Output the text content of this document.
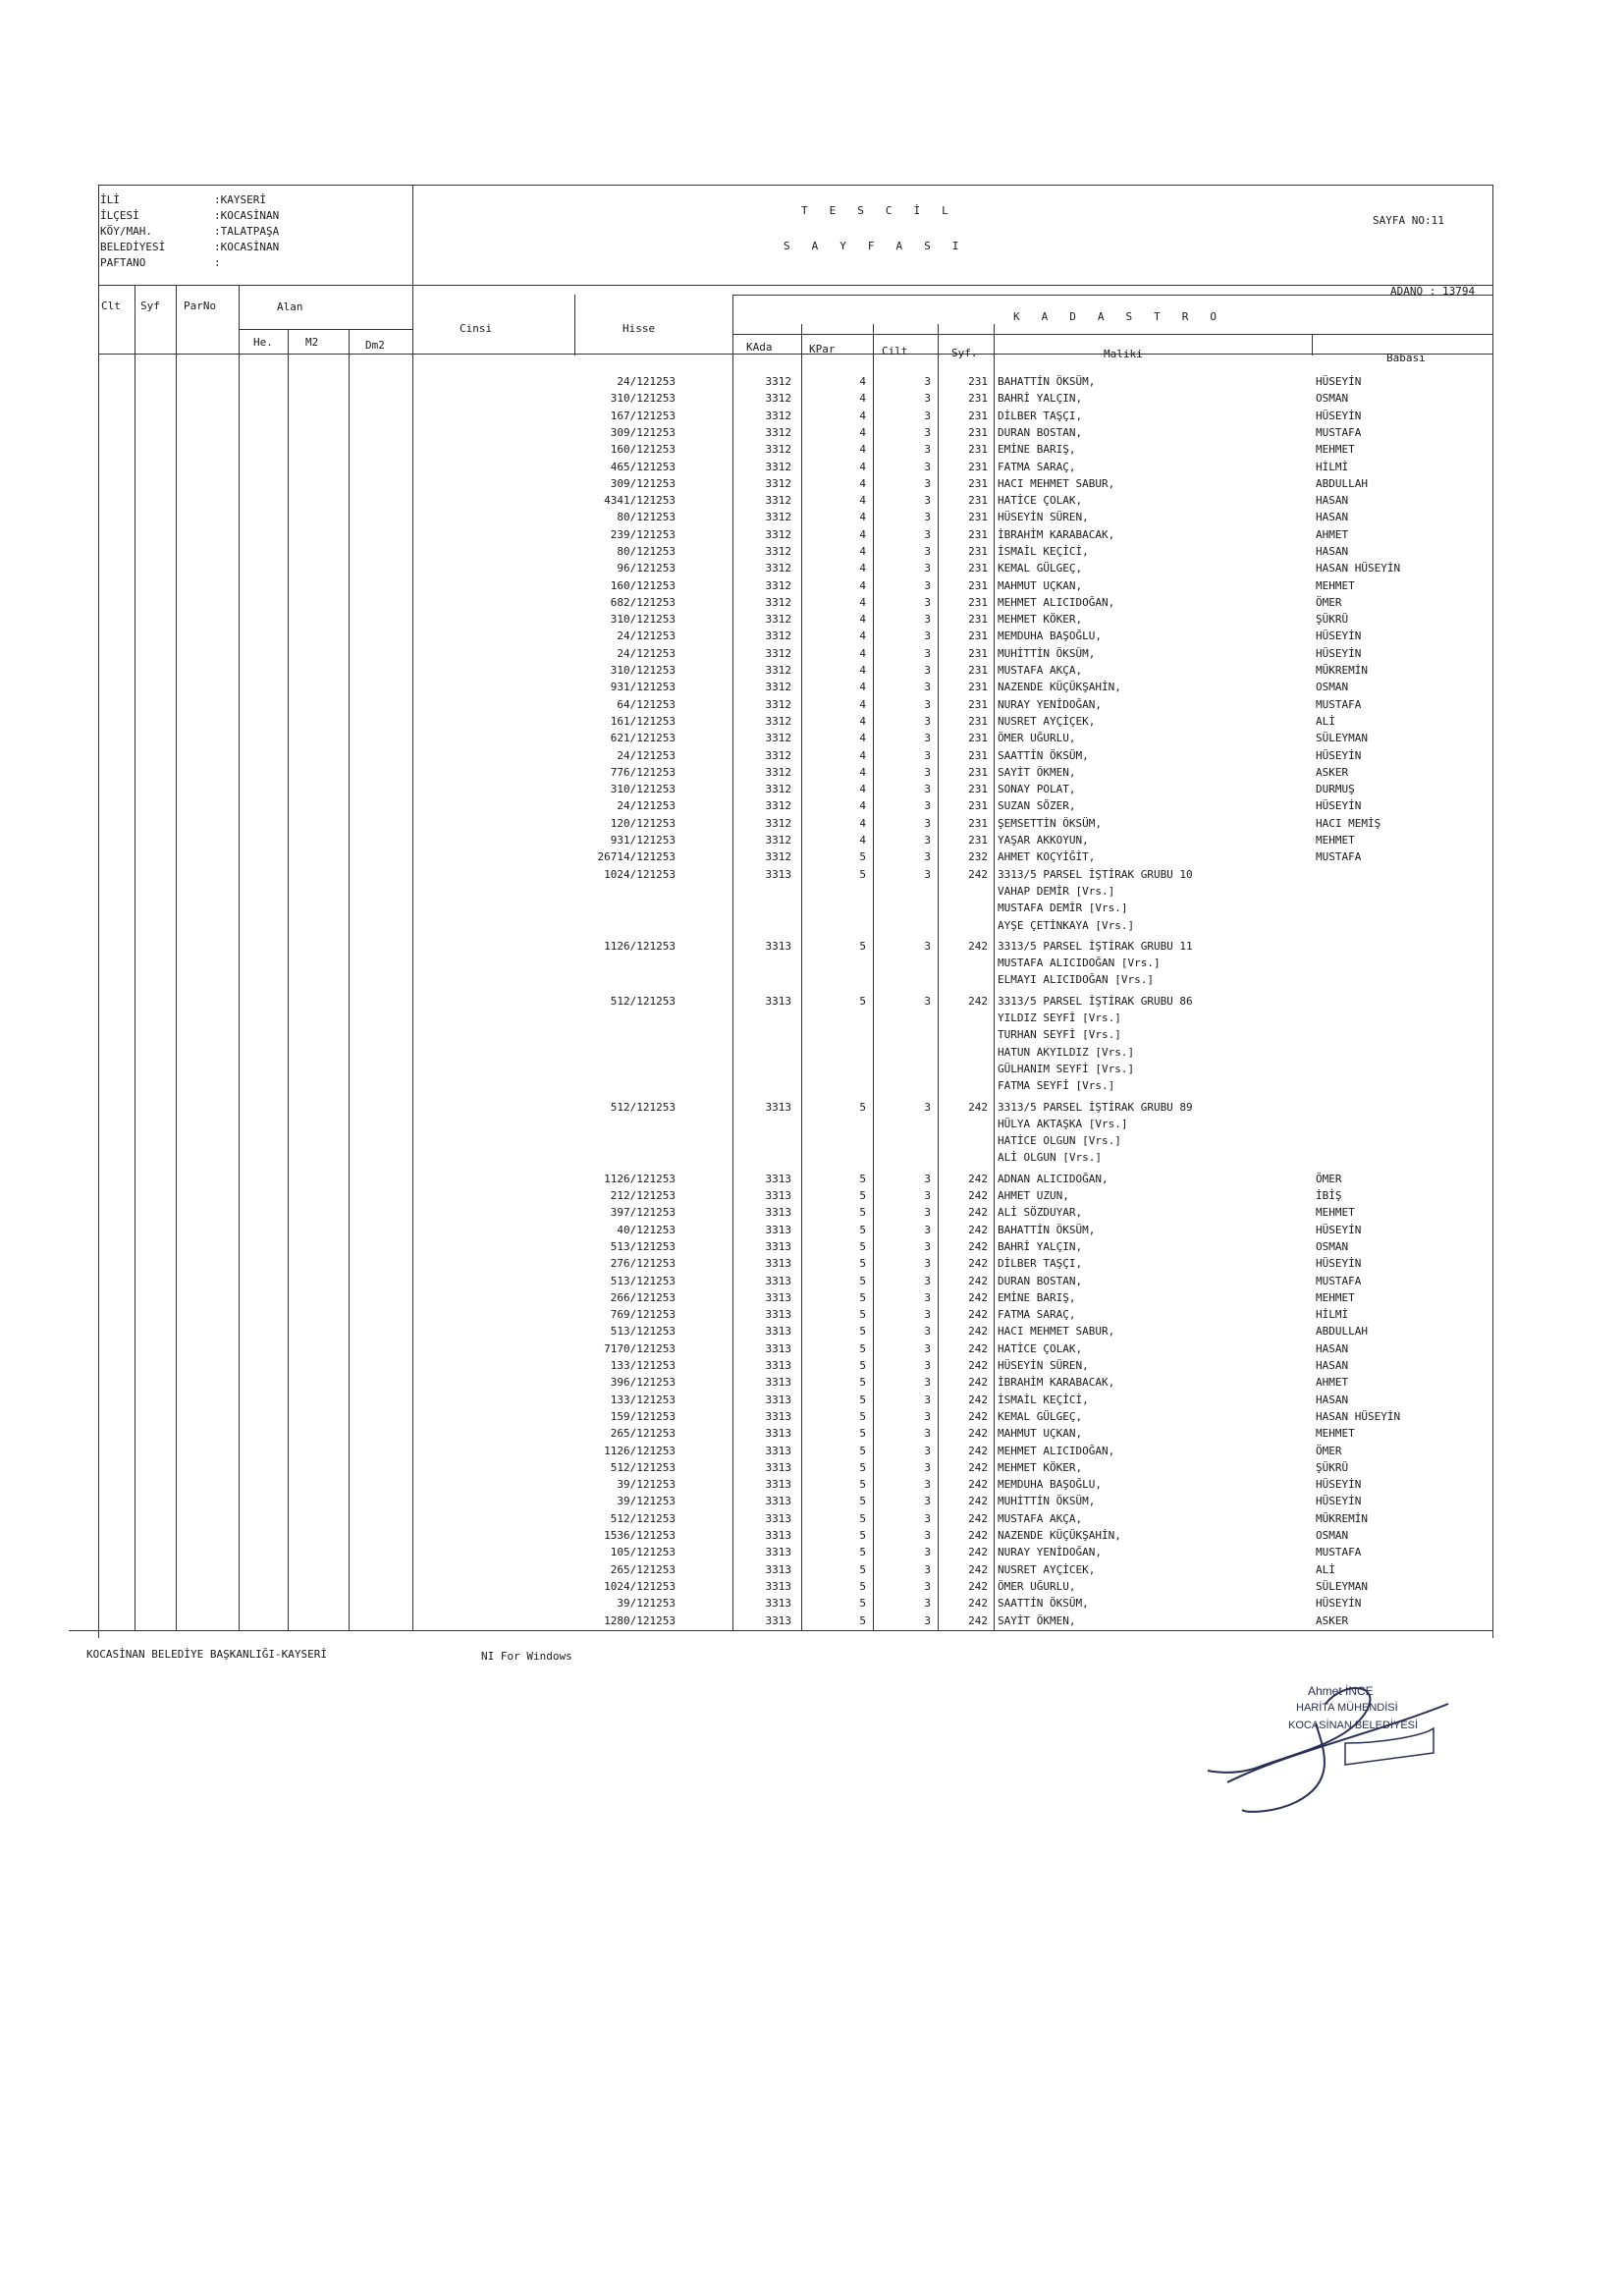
İLİ	:KAYSERİ
İLÇESİ	:KOCASİNAN
KÖY/MAH.	:TALATPAŞA
BELEDİYESİ	:KOCASİNAN
PAFTANO	:
TESCİL
SAYFASI
SAYFA NO:11
ADANO : 13794
Clt Syf ParNo	Alan
He.	M2	Dm2
Cinsi	Hisse
KADASTRO
KAda	KPar	Cilt	Syf.	Maliki	Babası
24/121253	3312	4	3	231 BAHATTİN ÖKSÜM,	HÜSEYİN
310/121253	3312	4	3	231 BAHRİ YALÇIN,	OSMAN
167/121253	3312	4	3	231 DİLBER TAŞÇI,	HÜSEYİN
309/121253	3312	4	3	231 DURAN BOSTAN,	MUSTAFA
160/121253	3312	4	3	231 EMİNE BARIŞ,	MEHMET
465/121253	3312	4	3	231 FATMA SARAÇ,	HİLMİ
309/121253	3312	4	3	231 HACI MEHMET SABUR,	ABDULLAH
4341/121253	3312	4	3	231 HATİCE ÇOLAK,	HASAN
80/121253	3312	4	3	231 HÜSEYİN SÜREN,	HASAN
239/121253	3312	4	3	231 İBRAHİM KARABACAK,	AHMET
80/121253	3312	4	3	231 İSMAİL KEÇİCİ,	HASAN
96/121253	3312	4	3	231 KEMAL GÜLGEÇ,	HASAN HÜSEYİN
160/121253	3312	4	3	231 MAHMUT UÇKAN,	MEHMET
682/121253	3312	4	3	231 MEHMET ALICIDOĞAN,	ÖMER
310/121253	3312	4	3	231 MEHMET KÖKER,	ŞÜKRÜ
24/121253	3312	4	3	231 MEMDUHA BAŞOĞLU,	HÜSEYİN
24/121253	3312	4	3	231 MUHİTTİN ÖKSÜM,	HÜSEYİN
310/121253	3312	4	3	231 MUSTAFA AKÇA,	MÜKREMİN
931/121253	3312	4	3	231 NAZENDE KÜÇÜKŞAHİN,	OSMAN
64/121253	3312	4	3	231 NURAY YENİDOĞAN,	MUSTAFA
161/121253	3312	4	3	231 NUSRET AYÇİÇEK,	ALİ
621/121253	3312	4	3	231 ÖMER UĞURLU,	SÜLEYMAN
24/121253	3312	4	3	231 SAATTİN ÖKSÜM,	HÜSEYİN
776/121253	3312	4	3	231 SAYİT ÖKMEN,	ASKER
310/121253	3312	4	3	231 SONAY POLAT,	DURMUŞ
24/121253	3312	4	3	231 SUZAN SÖZER,	HÜSEYİN
120/121253	3312	4	3	231 ŞEMSETTİN ÖKSÜM,	HACI MEMİŞ
931/121253	3312	4	3	231 YAŞAR AKKOYUN,	MEHMET
26714/121253	3312	5	3	232 AHMET KOÇYİĞİT,	MUSTAFA
1024/121253	3313	5	3	242 3313/5 PARSEL İŞTİRAK GRUBU 10
VAHAP DEMİR [Vrs.]
MUSTAFA DEMİR [Vrs.]
AYŞE ÇETİNKAYA [Vrs.]
1126/121253	3313	5	3	242 3313/5 PARSEL İŞTİRAK GRUBU 11
MUSTAFA ALICIDOĞAN [Vrs.]
ELMAYI ALICIDOĞAN [Vrs.]
512/121253	3313	5	3	242 3313/5 PARSEL İŞTİRAK GRUBU 86
YILDIZ SEYFİ [Vrs.]
TURHAN SEYFİ [Vrs.]
HATUN AKYILDIZ [Vrs.]
GÜLHANIM SEYFİ [Vrs.]
FATMA SEYFİ [Vrs.]
512/121253	3313	5	3	242 3313/5 PARSEL İŞTİRAK GRUBU 89
HÜLYA AKTAŞKA [Vrs.]
HATİCE OLGUN [Vrs.]
ALİ OLGUN [Vrs.]
1126/121253	3313	5	3	242 ADNAN ALICIDOĞAN,	ÖMER
212/121253	3313	5	3	242 AHMET UZUN,	İBİŞ
397/121253	3313	5	3	242 ALİ SÖZDUYAR,	MEHMET
40/121253	3313	5	3	242 BAHATTİN ÖKSÜM,	HÜSEYİN
513/121253	3313	5	3	242 BAHRİ YALÇIN,	OSMAN
276/121253	3313	5	3	242 DİLBER TAŞÇI,	HÜSEYİN
513/121253	3313	5	3	242 DURAN BOSTAN,	MUSTAFA
266/121253	3313	5	3	242 EMİNE BARIŞ,	MEHMET
769/121253	3313	5	3	242 FATMA SARAÇ,	HİLMİ
513/121253	3313	5	3	242 HACI MEHMET SABUR,	ABDULLAH
7170/121253	3313	5	3	242 HATİCE ÇOLAK,	HASAN
133/121253	3313	5	3	242 HÜSEYİN SÜREN,	HASAN
396/121253	3313	5	3	242 İBRAHİM KARABACAK,	AHMET
133/121253	3313	5	3	242 İSMAİL KEÇİCİ,	HASAN
159/121253	3313	5	3	242 KEMAL GÜLGEÇ,	HASAN HÜSEYİN
265/121253	3313	5	3	242 MAHMUT UÇKAN,	MEHMET
1126/121253	3313	5	3	242 MEHMET ALICIDOĞAN,	ÖMER
512/121253	3313	5	3	242 MEHMET KÖKER,	ŞÜKRÜ
39/121253	3313	5	3	242 MEMDUHA BAŞOĞLU,	HÜSEYİN
39/121253	3313	5	3	242 MUHİTTİN ÖKSÜM,	HÜSEYİN
512/121253	3313	5	3	242 MUSTAFA AKÇA,	MÜKREMİN
1536/121253	3313	5	3	242 NAZENDE KÜÇÜKŞAHİN,	OSMAN
105/121253	3313	5	3	242 NURAY YENİDOĞAN,	MUSTAFA
265/121253	3313	5	3	242 NUSRET AYÇİCEK,	ALİ
1024/121253	3313	5	3	242 ÖMER UĞURLU,	SÜLEYMAN
39/121253	3313	5	3	242 SAATTİN ÖKSÜM,	HÜSEYİN
1280/121253	3313	5	3	242 SAYİT ÖKMEN,	ASKER
KOCASİNAN BELEDİYE BAŞKANLIĞI-KAYSERİ	NI For Windows
Ahmet İNCE
HARİTA MÜHENDİSİ
KOCASİNAN BELEDİYESİ
